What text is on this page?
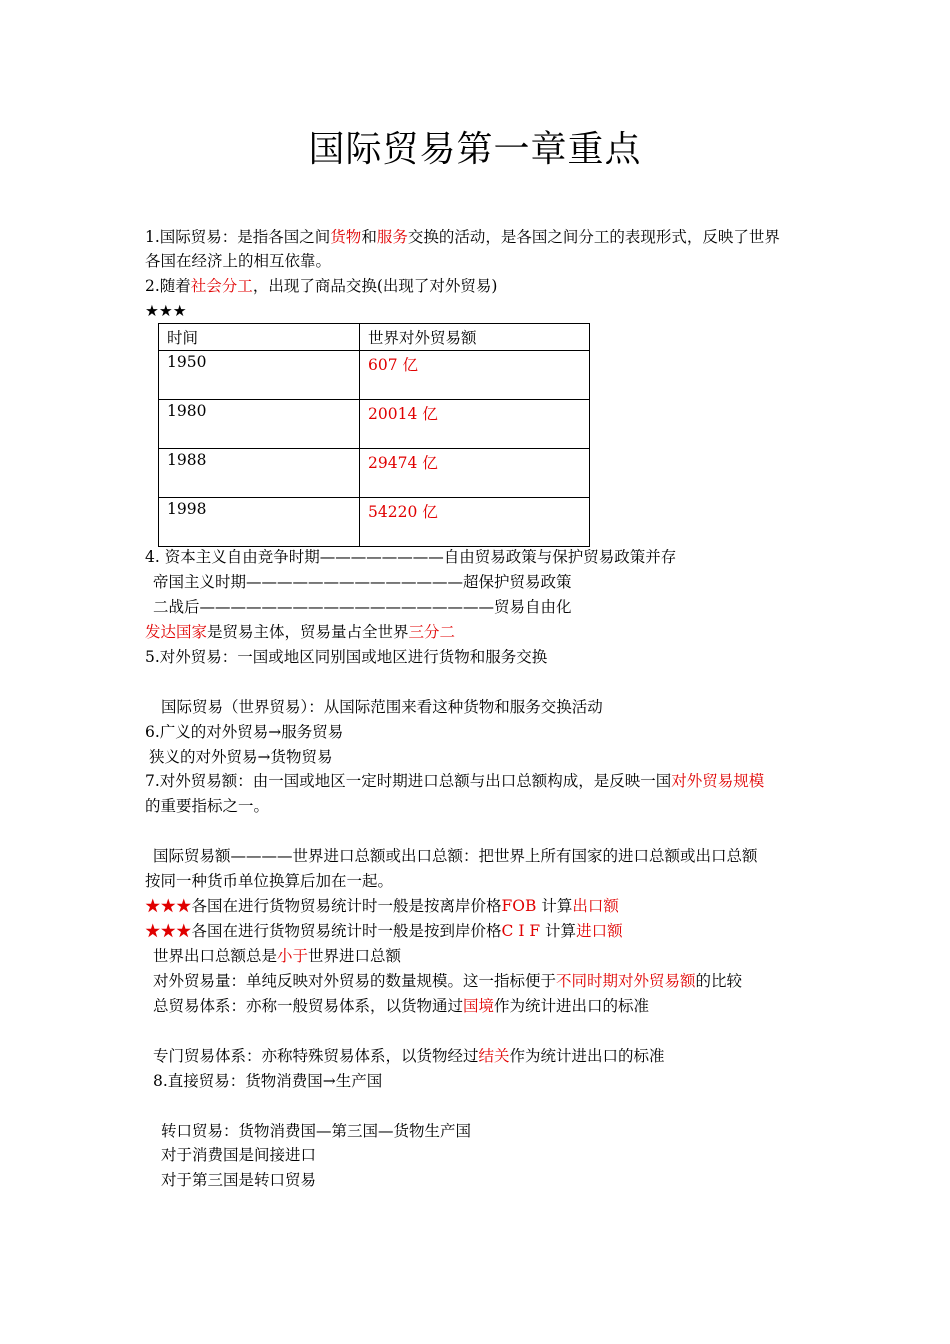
国际贸易第一章重点
1.国际贸易：是指各国之间货物和服务交换的活动，是各国之间分工的表现形式，反映了世界
各国在经济上的相互依靠。
2.随着社会分工，出现了商品交换(出现了对外贸易)
★★★
时间	世界对外贸易额
1950	607 亿
1980	20014 亿
1988	29474 亿
1998	54220 亿
4. 资本主义自由竞争时期————————自由贸易政策与保护贸易政策并存
帝国主义时期——————————————超保护贸易政策
二战后———————————————————贸易自由化
发达国家是贸易主体，贸易量占全世界三分二
5.对外贸易：一国或地区同别国或地区进行货物和服务交换
国际贸易（世界贸易）：从国际范围来看这种货物和服务交换活动
6.广义的对外贸易→服务贸易
狭义的对外贸易→货物贸易
7.对外贸易额：由一国或地区一定时期进口总额与出口总额构成，是反映一国对外贸易规模
的重要指标之一。
国际贸易额————世界进口总额或出口总额：把世界上所有国家的进口总额或出口总额
按同一种货币单位换算后加在一起。
★★★各国在进行货物贸易统计时一般是按离岸价格FOB 计算出口额
★★★各国在进行货物贸易统计时一般是按到岸价格C I F 计算进口额
世界出口总额总是小于世界进口总额
对外贸易量：单纯反映对外贸易的数量规模。这一指标便于不同时期对外贸易额的比较
总贸易体系：亦称一般贸易体系，以货物通过国境作为统计进出口的标准
专门贸易体系：亦称特殊贸易体系，以货物经过结关作为统计进出口的标准
8.直接贸易：货物消费国→生产国
转口贸易：货物消费国—第三国—货物生产国
对于消费国是间接进口
对于第三国是转口贸易
